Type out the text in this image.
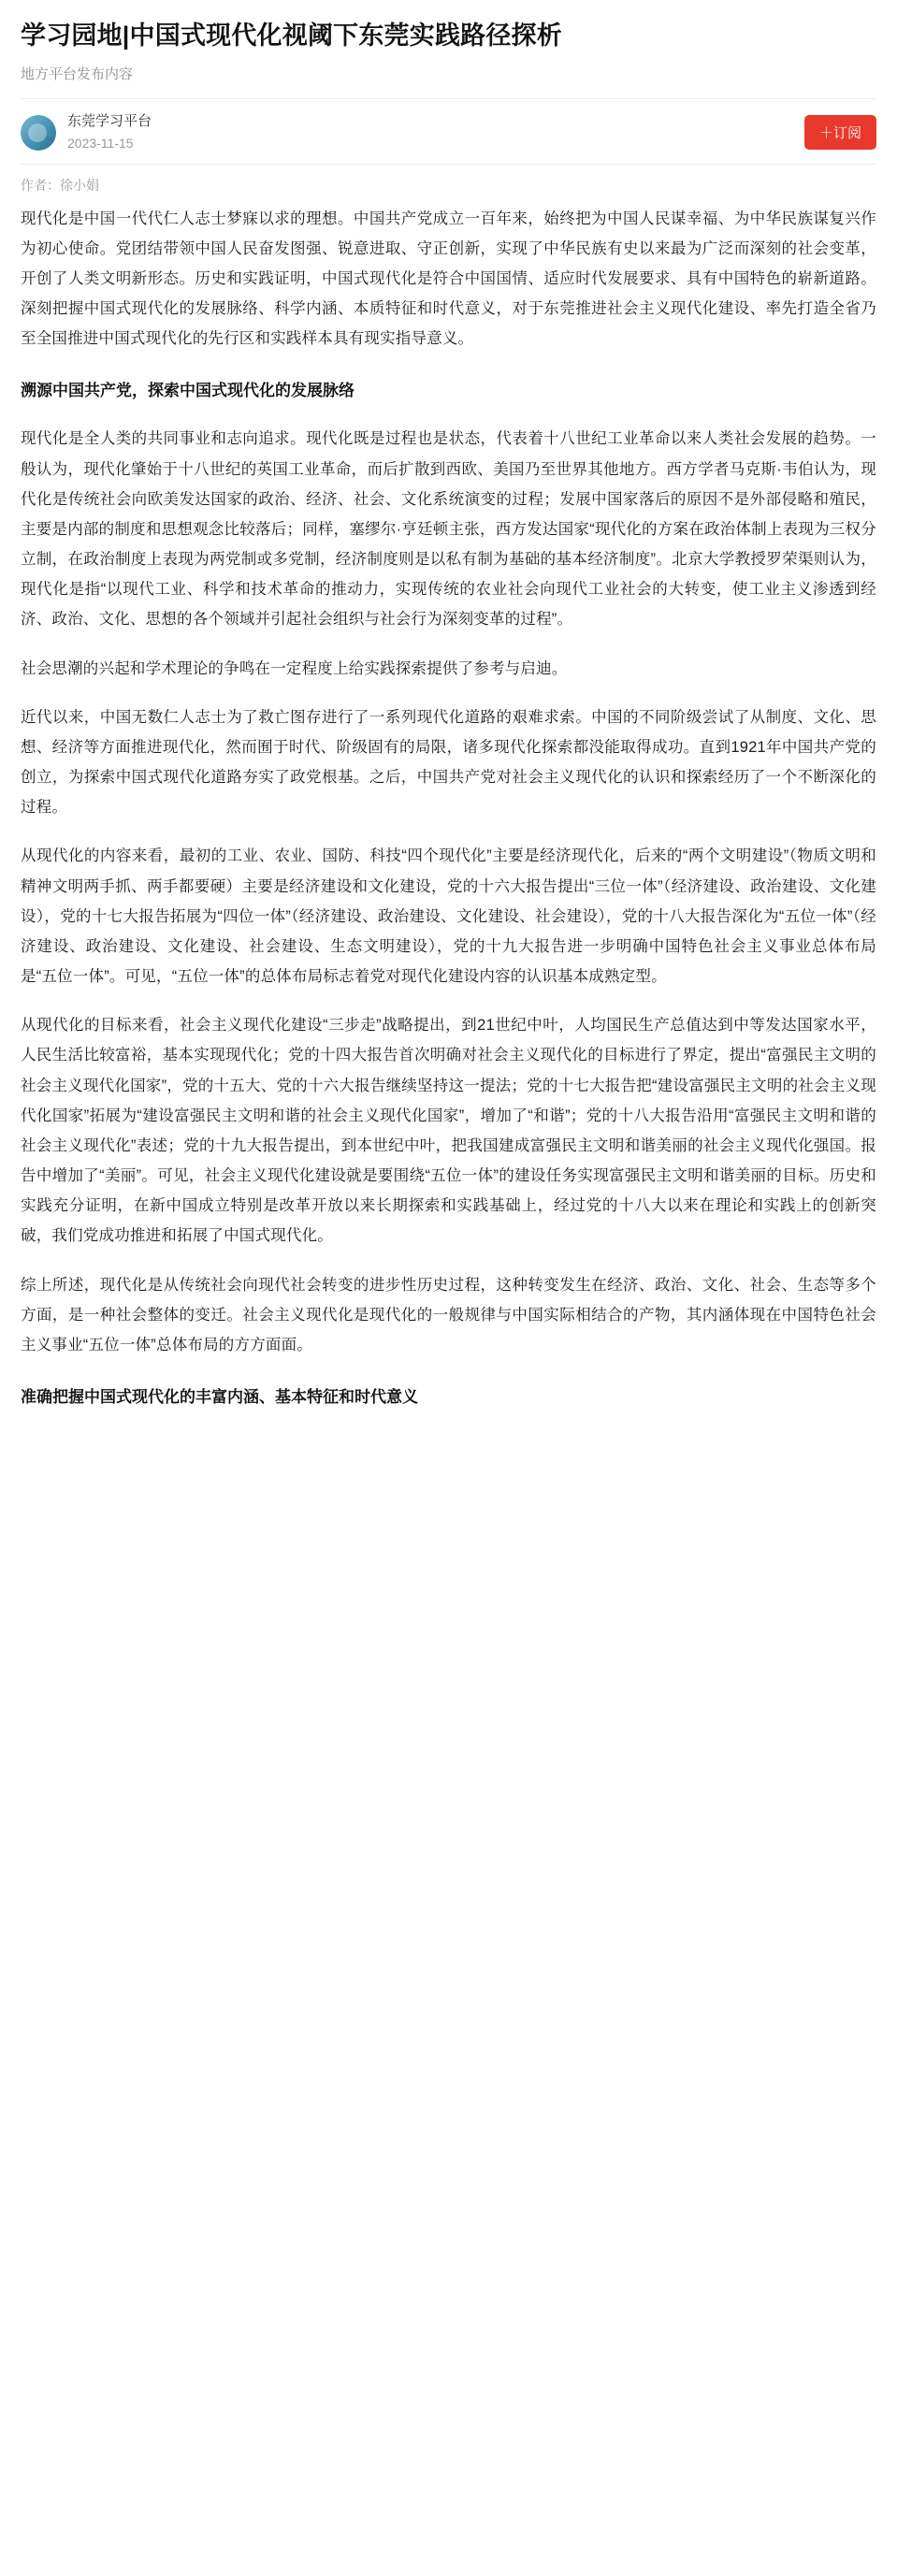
学习园地|中国式现代化视阈下东莞实践路径探析
地方平台发布内容
东莞学习平台
2023-11-15
＋订阅
作者：徐小娟

现代化是中国一代代仁人志士梦寐以求的理想。中国共产党成立一百年来，始终把为中国人民谋幸福、为中华民族谋复兴作为初心使命。党团结带领中国人民奋发图强、锐意进取、守正创新，实现了中华民族有史以来最为广泛而深刻的社会变革，开创了人类文明新形态。历史和实践证明，中国式现代化是符合中国国情、适应时代发展要求、具有中国特色的崭新道路。深刻把握中国式现代化的发展脉络、科学内涵、本质特征和时代意义，对于东莞推进社会主义现代化建设、率先打造全省乃至全国推进中国式现代化的先行区和实践样本具有现实指导意义。

溯源中国共产党，探索中国式现代化的发展脉络

现代化是全人类的共同事业和志向追求。现代化既是过程也是状态，代表着十八世纪工业革命以来人类社会发展的趋势。一般认为，现代化肇始于十八世纪的英国工业革命，而后扩散到西欧、美国乃至世界其他地方。西方学者马克斯·韦伯认为，现代化是传统社会向欧美发达国家的政治、经济、社会、文化系统演变的过程；发展中国家落后的原因不是外部侵略和殖民，主要是内部的制度和思想观念比较落后；同样，塞缪尔·亨廷顿主张，西方发达国家“现代化的方案在政治体制上表现为三权分立制，在政治制度上表现为两党制或多党制，经济制度则是以私有制为基础的基本经济制度”。北京大学教授罗荣渠则认为，现代化是指“以现代工业、科学和技术革命的推动力，实现传统的农业社会向现代工业社会的大转变，使工业主义渗透到经济、政治、文化、思想的各个领域并引起社会组织与社会行为深刻变革的过程”。

社会思潮的兴起和学术理论的争鸣在一定程度上给实践探索提供了参考与启迪。

近代以来，中国无数仁人志士为了救亡图存进行了一系列现代化道路的艰难求索。中国的不同阶级尝试了从制度、文化、思想、经济等方面推进现代化，然而囿于时代、阶级固有的局限，诸多现代化探索都没能取得成功。直到1921年中国共产党的创立，为探索中国式现代化道路夯实了政党根基。之后，中国共产党对社会主义现代化的认识和探索经历了一个不断深化的过程。

从现代化的内容来看，最初的工业、农业、国防、科技“四个现代化”主要是经济现代化，后来的“两个文明建设”（物质文明和精神文明两手抓、两手都要硬）主要是经济建设和文化建设，党的十六大报告提出“三位一体”（经济建设、政治建设、文化建设），党的十七大报告拓展为“四位一体”（经济建设、政治建设、文化建设、社会建设），党的十八大报告深化为“五位一体”（经济建设、政治建设、文化建设、社会建设、生态文明建设），党的十九大报告进一步明确中国特色社会主义事业总体布局是“五位一体”。可见，“五位一体”的总体布局标志着党对现代化建设内容的认识基本成熟定型。

从现代化的目标来看，社会主义现代化建设“三步走”战略提出，到21世纪中叶，人均国民生产总值达到中等发达国家水平，人民生活比较富裕，基本实现现代化；党的十四大报告首次明确对社会主义现代化的目标进行了界定，提出“富强民主文明的社会主义现代化国家”，党的十五大、党的十六大报告继续坚持这一提法；党的十七大报告把“建设富强民主文明的社会主义现代化国家”拓展为“建设富强民主文明和谐的社会主义现代化国家”，增加了“和谐”；党的十八大报告沿用“富强民主文明和谐的社会主义现代化”表述；党的十九大报告提出，到本世纪中叶，把我国建成富强民主文明和谐美丽的社会主义现代化强国。报告中增加了“美丽”。可见，社会主义现代化建设就是要围绕“五位一体”的建设任务实现富强民主文明和谐美丽的目标。历史和实践充分证明，在新中国成立特别是改革开放以来长期探索和实践基础上，经过党的十八大以来在理论和实践上的创新突破，我们党成功推进和拓展了中国式现代化。

综上所述，现代化是从传统社会向现代社会转变的进步性历史过程，这种转变发生在经济、政治、文化、社会、生态等多个方面，是一种社会整体的变迁。社会主义现代化是现代化的一般规律与中国实际相结合的产物，其内涵体现在中国特色社会主义事业“五位一体”总体布局的方方面面。

准确把握中国式现代化的丰富内涵、基本特征和时代意义
